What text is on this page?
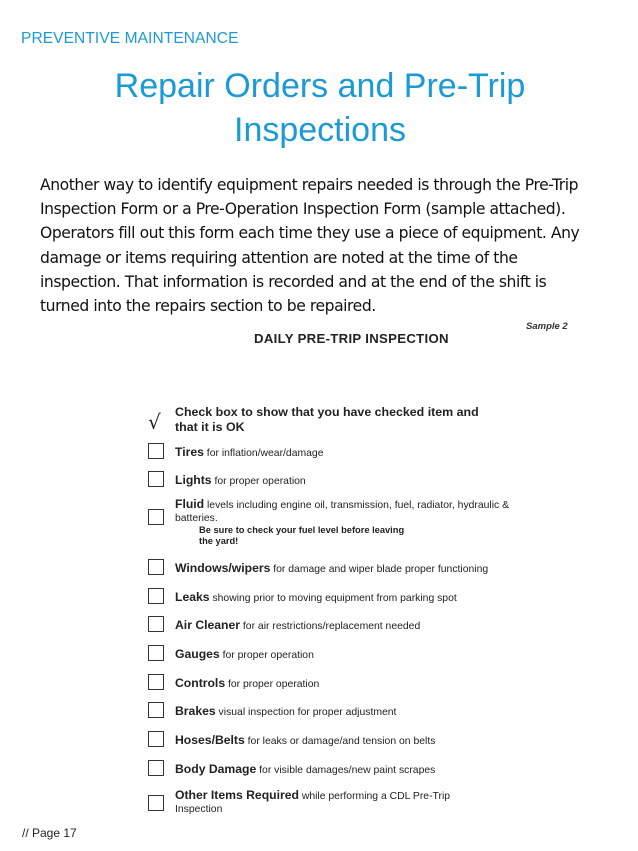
PREVENTIVE MAINTENANCE
Repair Orders and Pre-Trip
Inspections
Another way to identify equipment repairs needed is through the Pre-Trip Inspection Form or a Pre-Operation Inspection Form (sample attached). Operators fill out this form each time they use a piece of equipment. Any damage or items requiring attention are noted at the time of the inspection. That information is recorded and at the end of the shift is turned into the repairs section to be repaired.
DAILY PRE-TRIP INSPECTION
Sample 2
√	Check box to show that you have checked item and
that it is OK
Tires for inflation/wear/damage
Lights for proper operation
Fluid levels including engine oil, transmission, fuel, radiator, hydraulic &
batteries.
Be sure to check your fuel level before leaving
the yard!
Windows/wipers for damage and wiper blade proper functioning
Leaks showing prior to moving equipment from parking spot
Air Cleaner for air restrictions/replacement needed
Gauges for proper operation
Controls for proper operation
Brakes visual inspection for proper adjustment
Hoses/Belts for leaks or damage/and tension on belts
Body Damage for visible damages/new paint scrapes
Other Items Required while performing a CDL Pre-Trip
Inspection
// Page 17
